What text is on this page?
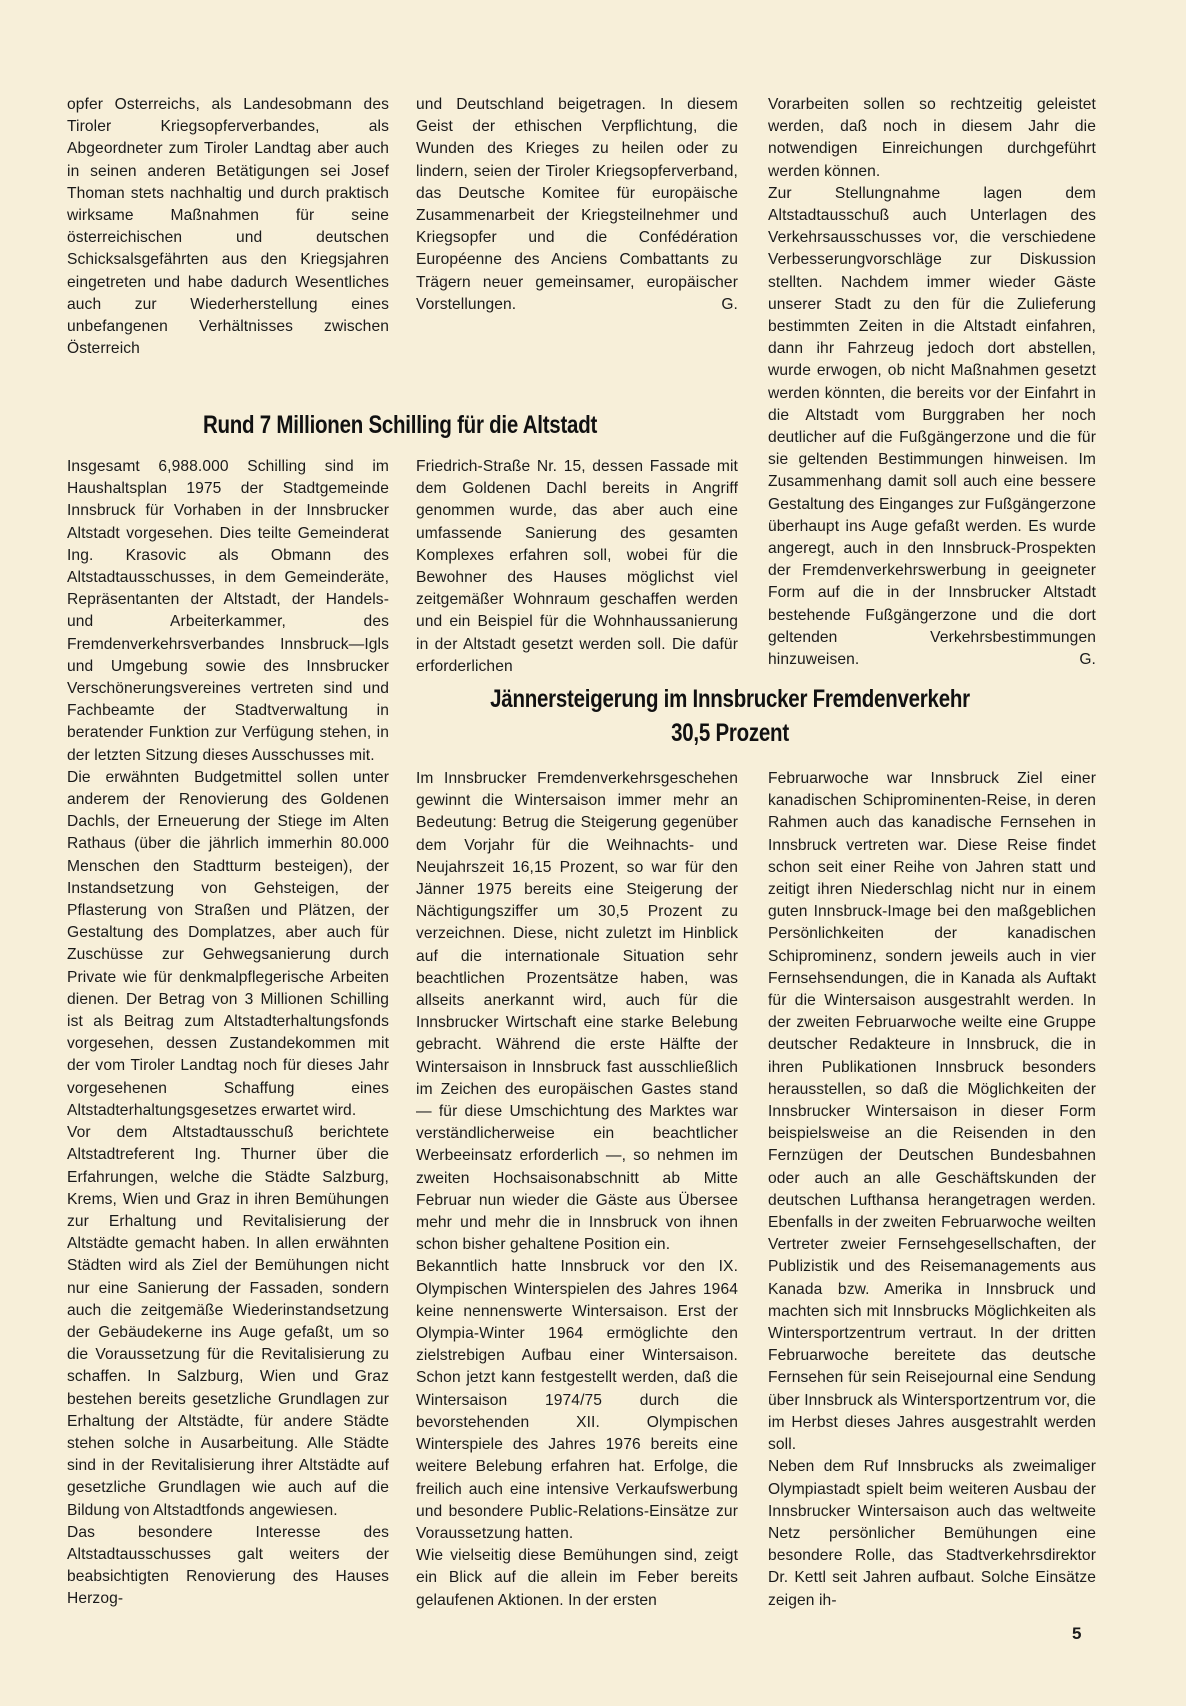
opfer Osterreichs, als Landesobmann des Tiroler Kriegsopferverbandes, als Abgeordneter zum Tiroler Landtag aber auch in seinen anderen Betätigungen sei Josef Thoman stets nachhaltig und durch praktisch wirksame Maßnahmen für seine österreichischen und deutschen Schicksalsgefährten aus den Kriegsjahren eingetreten und habe dadurch Wesentliches auch zur Wiederherstellung eines unbefangenen Verhältnisses zwischen Österreich

und Deutschland beigetragen. In diesem Geist der ethischen Verpflichtung, die Wunden des Krieges zu heilen oder zu lindern, seien der Tiroler Kriegsopferverband, das Deutsche Komitee für europäische Zusammenarbeit der Kriegsteilnehmer und Kriegsopfer und die Confédération Européenne des Anciens Combattants zu Trägern neuer gemeinsamer, europäischer Vorstellungen.	G.

Rund 7 Millionen Schilling für die Altstadt

Insgesamt 6,988.000 Schilling sind im Haushaltsplan 1975 der Stadtgemeinde Innsbruck für Vorhaben in der Innsbrucker Altstadt vorgesehen. Dies teilte Gemeinderat Ing. Krasovic als Obmann des Altstadtausschusses, in dem Gemeinderäte, Repräsentanten der Altstadt, der Handels- und Arbeiterkammer, des Fremdenverkehrsverbandes Innsbruck—Igls und Umgebung sowie des Innsbrucker Verschönerungsvereines vertreten sind und Fachbeamte der Stadtverwaltung in beratender Funktion zur Verfügung stehen, in der letzten Sitzung dieses Ausschusses mit.

Die erwähnten Budgetmittel sollen unter anderem der Renovierung des Goldenen Dachls, der Erneuerung der Stiege im Alten Rathaus (über die jährlich immerhin 80.000 Menschen den Stadtturm besteigen), der Instandsetzung von Gehsteigen, der Pflasterung von Straßen und Plätzen, der Gestaltung des Domplatzes, aber auch für Zuschüsse zur Gehwegsanierung durch Private wie für denkmalpflegerische Arbeiten dienen. Der Betrag von 3 Millionen Schilling ist als Beitrag zum Altstadterhaltungsfonds vorgesehen, dessen Zustandekommen mit der vom Tiroler Landtag noch für dieses Jahr vorgesehenen Schaffung eines Altstadterhaltungsgesetzes erwartet wird.

Vor dem Altstadtausschuß berichtete Altstadtreferent Ing. Thurner über die Erfahrungen, welche die Städte Salzburg, Krems, Wien und Graz in ihren Bemühungen zur Erhaltung und Revitalisierung der Altstädte gemacht haben. In allen erwähnten Städten wird als Ziel der Bemühungen nicht nur eine Sanierung der Fassaden, sondern auch die zeitgemäße Wiederinstandsetzung der Gebäudekerne ins Auge gefaßt, um so die Voraussetzung für die Revitalisierung zu schaffen. In Salzburg, Wien und Graz bestehen bereits gesetzliche Grundlagen zur Erhaltung der Altstädte, für andere Städte stehen solche in Ausarbeitung. Alle Städte sind in der Revitalisierung ihrer Altstädte auf gesetzliche Grundlagen wie auch auf die Bildung von Altstadtfonds angewiesen.

Das besondere Interesse des Altstadtausschusses galt weiters der beabsichtigten Renovierung des Hauses Herzog-

Friedrich-Straße Nr. 15, dessen Fassade mit dem Goldenen Dachl bereits in Angriff genommen wurde, das aber auch eine umfassende Sanierung des gesamten Komplexes erfahren soll, wobei für die Bewohner des Hauses möglichst viel zeitgemäßer Wohnraum geschaffen werden und ein Beispiel für die Wohnhaussanierung in der Altstadt gesetzt werden soll. Die dafür erforderlichen

Vorarbeiten sollen so rechtzeitig geleistet werden, daß noch in diesem Jahr die notwendigen Einreichungen durchgeführt werden können.

Zur Stellungnahme lagen dem Altstadtausschuß auch Unterlagen des Verkehrsausschusses vor, die verschiedene Verbesserungvorschläge zur Diskussion stellten. Nachdem immer wieder Gäste unserer Stadt zu den für die Zulieferung bestimmten Zeiten in die Altstadt einfahren, dann ihr Fahrzeug jedoch dort abstellen, wurde erwogen, ob nicht Maßnahmen gesetzt werden könnten, die bereits vor der Einfahrt in die Altstadt vom Burggraben her noch deutlicher auf die Fußgängerzone und die für sie geltenden Bestimmungen hinweisen. Im Zusammenhang damit soll auch eine bessere Gestaltung des Einganges zur Fußgängerzone überhaupt ins Auge gefaßt werden. Es wurde angeregt, auch in den Innsbruck-Prospekten der Fremdenverkehrswerbung in geeigneter Form auf die in der Innsbrucker Altstadt bestehende Fußgängerzone und die dort geltenden Verkehrsbestimmungen hinzuweisen.	G.

Jännersteigerung im Innsbrucker Fremdenverkehr
30,5 Prozent

Im Innsbrucker Fremdenverkehrsgeschehen gewinnt die Wintersaison immer mehr an Bedeutung: Betrug die Steigerung gegenüber dem Vorjahr für die Weihnachts- und Neujahrszeit 16,15 Prozent, so war für den Jänner 1975 bereits eine Steigerung der Nächtigungsziffer um 30,5 Prozent zu verzeichnen. Diese, nicht zuletzt im Hinblick auf die internationale Situation sehr beachtlichen Prozentsätze haben, was allseits anerkannt wird, auch für die Innsbrucker Wirtschaft eine starke Belebung gebracht. Während die erste Hälfte der Wintersaison in Innsbruck fast ausschließlich im Zeichen des europäischen Gastes stand — für diese Umschichtung des Marktes war verständlicherweise ein beachtlicher Werbeeinsatz erforderlich —, so nehmen im zweiten Hochsaisonabschnitt ab Mitte Februar nun wieder die Gäste aus Übersee mehr und mehr die in Innsbruck von ihnen schon bisher gehaltene Position ein.

Bekanntlich hatte Innsbruck vor den IX. Olympischen Winterspielen des Jahres 1964 keine nennenswerte Wintersaison. Erst der Olympia-Winter 1964 ermöglichte den zielstrebigen Aufbau einer Wintersaison. Schon jetzt kann festgestellt werden, daß die Wintersaison 1974/75 durch die bevorstehenden XII. Olympischen Winterspiele des Jahres 1976 bereits eine weitere Belebung erfahren hat. Erfolge, die freilich auch eine intensive Verkaufswerbung und besondere Public-Relations-Einsätze zur Voraussetzung hatten.

Wie vielseitig diese Bemühungen sind, zeigt ein Blick auf die allein im Feber bereits gelaufenen Aktionen. In der ersten

Februarwoche war Innsbruck Ziel einer kanadischen Schiprominenten-Reise, in deren Rahmen auch das kanadische Fernsehen in Innsbruck vertreten war. Diese Reise findet schon seit einer Reihe von Jahren statt und zeitigt ihren Niederschlag nicht nur in einem guten Innsbruck-Image bei den maßgeblichen Persönlichkeiten der kanadischen Schiprominenz, sondern jeweils auch in vier Fernsehsendungen, die in Kanada als Auftakt für die Wintersaison ausgestrahlt werden. In der zweiten Februarwoche weilte eine Gruppe deutscher Redakteure in Innsbruck, die in ihren Publikationen Innsbruck besonders herausstellen, so daß die Möglichkeiten der Innsbrucker Wintersaison in dieser Form beispielsweise an die Reisenden in den Fernzügen der Deutschen Bundesbahnen oder auch an alle Geschäftskunden der deutschen Lufthansa herangetragen werden. Ebenfalls in der zweiten Februarwoche weilten Vertreter zweier Fernsehgesellschaften, der Publizistik und des Reisemanagements aus Kanada bzw. Amerika in Innsbruck und machten sich mit Innsbrucks Möglichkeiten als Wintersportzentrum vertraut. In der dritten Februarwoche bereitete das deutsche Fernsehen für sein Reisejournal eine Sendung über Innsbruck als Wintersportzentrum vor, die im Herbst dieses Jahres ausgestrahlt werden soll.

Neben dem Ruf Innsbrucks als zweimaliger Olympiastadt spielt beim weiteren Ausbau der Innsbrucker Wintersaison auch das weltweite Netz persönlicher Bemühungen eine besondere Rolle, das Stadtverkehrsdirektor Dr. Kettl seit Jahren aufbaut. Solche Einsätze zeigen ih-

5
